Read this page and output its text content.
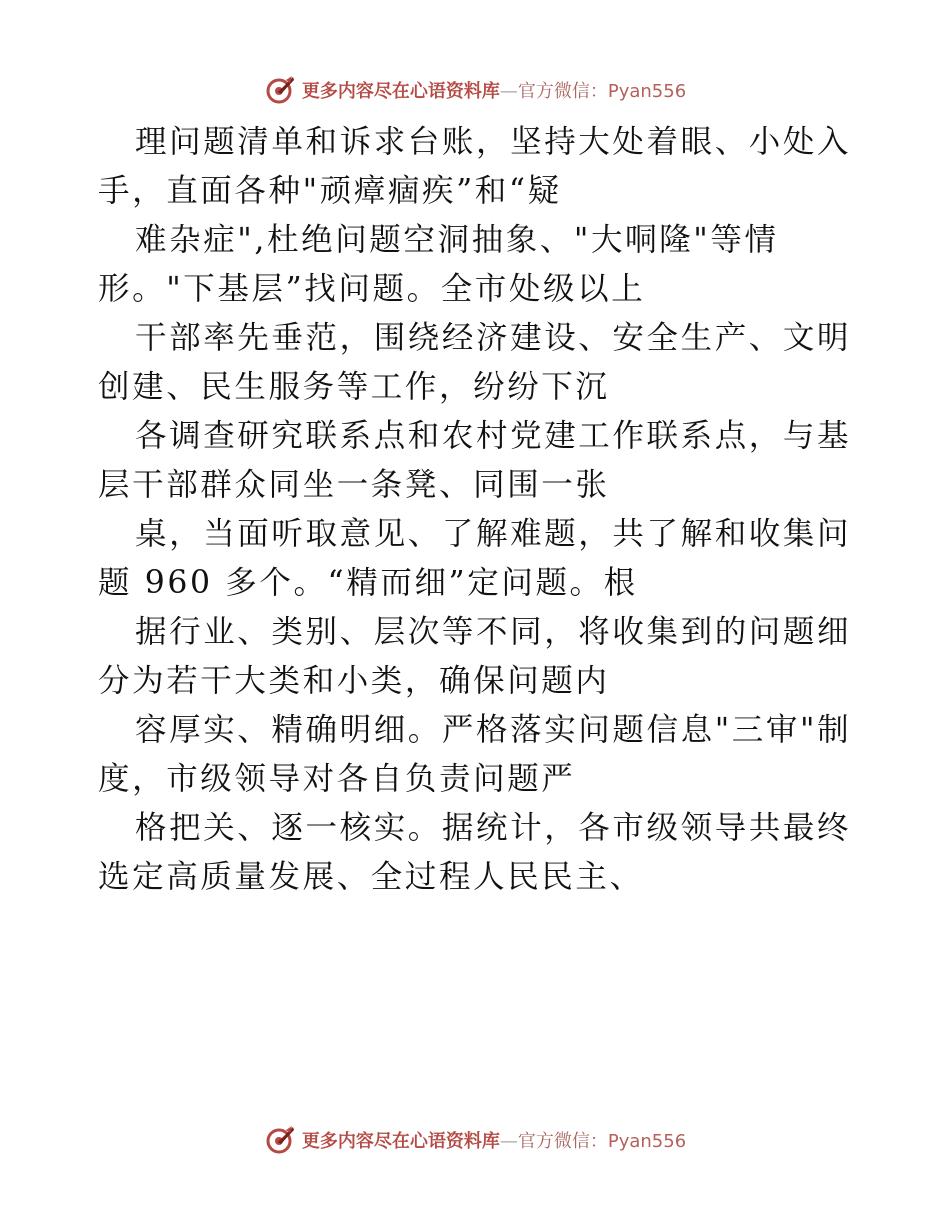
更多内容尽在心语资料库—官方微信：Pyan556
理问题清单和诉求台账，坚持大处着眼、小处入
手，直面各种"顽瘴痼疾”和“疑
难杂症",杜绝问题空洞抽象、"大哃隆"等情
形。"下基层”找问题。全市处级以上
干部率先垂范，围绕经济建设、安全生产、文明
创建、民生服务等工作，纷纷下沉
各调查研究联系点和农村党建工作联系点，与基
层干部群众同坐一条凳、同围一张
桌，当面听取意见、了解难题，共了解和收集问
题 960 多个。“精而细”定问题。根
据行业、类别、层次等不同，将收集到的问题细
分为若干大类和小类，确保问题内
容厚实、精确明细。严格落实问题信息"三审"制
度，市级领导对各自负责问题严
格把关、逐一核实。据统计，各市级领导共最终
选定高质量发展、全过程人民民主、
更多内容尽在心语资料库—官方微信：Pyan556
